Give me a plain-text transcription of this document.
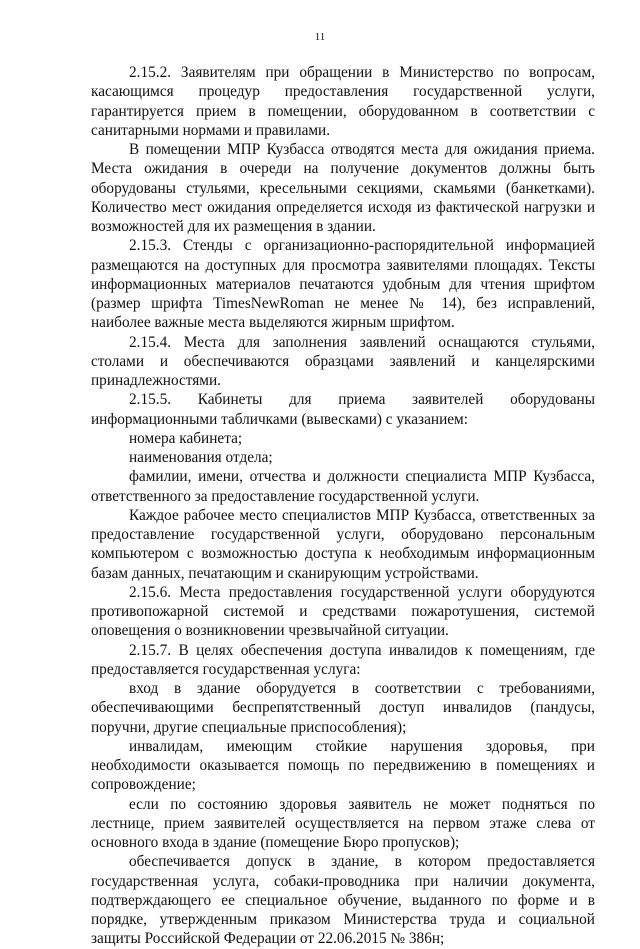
11

2.15.2. Заявителям при обращении в Министерство по вопросам, касающимся процедур предоставления государственной услуги, гарантируется прием в помещении, оборудованном в соответствии с санитарными нормами и правилами.

В помещении МПР Кузбасса отводятся места для ожидания приема. Места ожидания в очереди на получение документов должны быть оборудованы стульями, кресельными секциями, скамьями (банкетками). Количество мест ожидания определяется исходя из фактической нагрузки и возможностей для их размещения в здании.

2.15.3. Стенды с организационно-распорядительной информацией размещаются на доступных для просмотра заявителями площадях. Тексты информационных материалов печатаются удобным для чтения шрифтом (размер шрифта TimesNewRoman не менее № 14), без исправлений, наиболее важные места выделяются жирным шрифтом.

2.15.4. Места для заполнения заявлений оснащаются стульями, столами и обеспечиваются образцами заявлений и канцелярскими принадлежностями.

2.15.5. Кабинеты для приема заявителей оборудованы информационными табличками (вывесками) с указанием:

номера кабинета;

наименования отдела;

фамилии, имени, отчества и должности специалиста МПР Кузбасса, ответственного за предоставление государственной услуги.

Каждое рабочее место специалистов МПР Кузбасса, ответственных за предоставление государственной услуги, оборудовано персональным компьютером с возможностью доступа к необходимым информационным базам данных, печатающим и сканирующим устройствами.

2.15.6. Места предоставления государственной услуги оборудуются противопожарной системой и средствами пожаротушения, системой оповещения о возникновении чрезвычайной ситуации.

2.15.7. В целях обеспечения доступа инвалидов к помещениям, где предоставляется государственная услуга:

вход в здание оборудуется в соответствии с требованиями, обеспечивающими беспрепятственный доступ инвалидов (пандусы, поручни, другие специальные приспособления);

инвалидам, имеющим стойкие нарушения здоровья, при необходимости оказывается помощь по передвижению в помещениях и сопровождение;

если по состоянию здоровья заявитель не может подняться по лестнице, прием заявителей осуществляется на первом этаже слева от основного входа в здание (помещение Бюро пропусков);

обеспечивается допуск в здание, в котором предоставляется государственная услуга, собаки-проводника при наличии документа, подтверждающего ее специальное обучение, выданного по форме и в порядке, утвержденным приказом Министерства труда и социальной защиты Российской Федерации от 22.06.2015 № 386н;
